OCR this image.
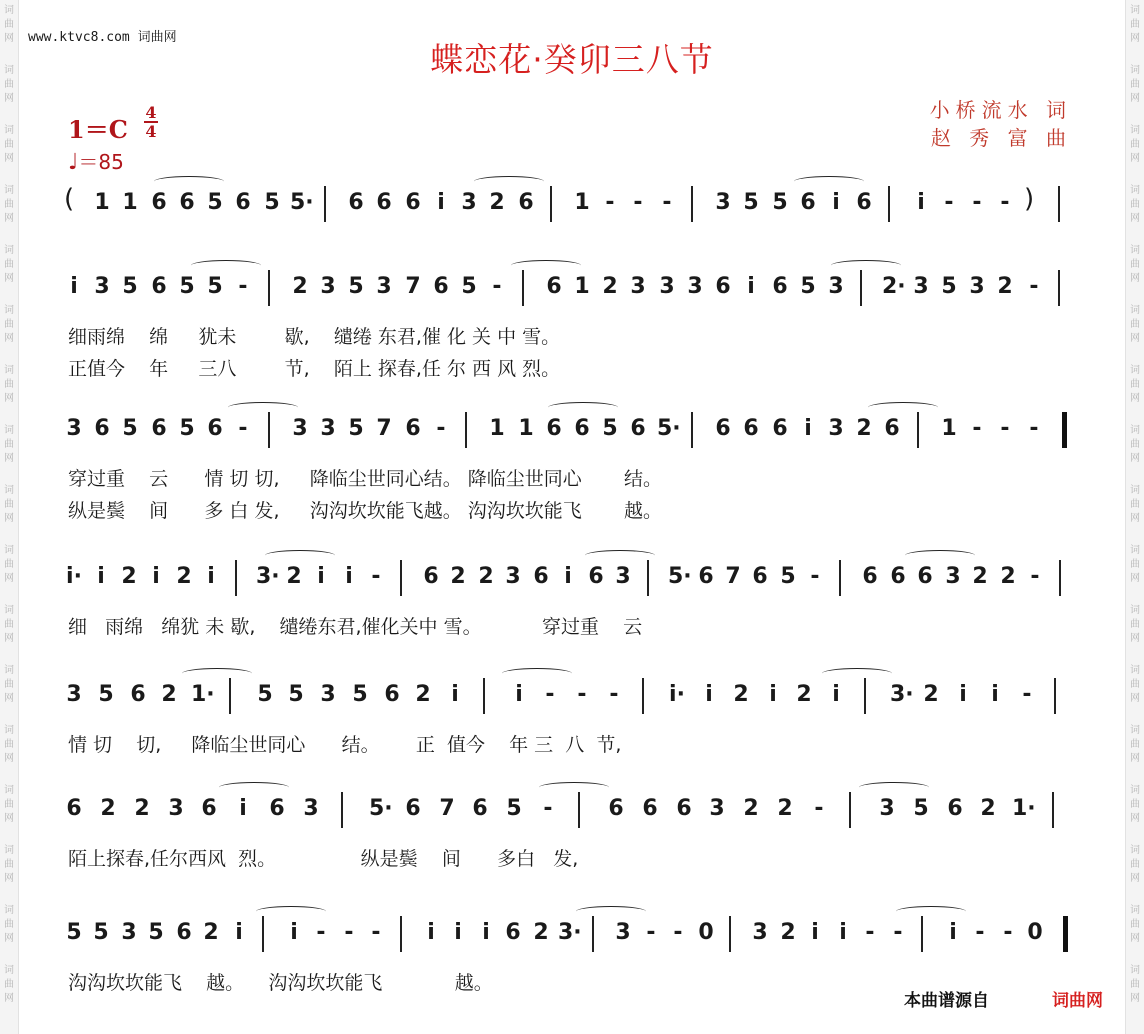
词
曲
网
词
曲
网
词
曲
网
词
曲
网
词
曲
网
词
曲
网
词
曲
网
词
曲
网
词
曲
网
词
曲
网
词
曲
网
词
曲
网
词
曲
网
词
曲
网
词
曲
网
词
曲
网
词
曲
网
词
曲
网
词
曲
网
词
曲
网
词
曲
网
词
曲
网
词
曲
网
词
曲
网
词
曲
网
词
曲
网
词
曲
网
词
曲
网
词
曲
网
词
曲
网
词
曲
网
词
曲
网
词
曲
网
词
曲
网
www.ktvc8.com 词曲网
蝶恋花·癸卯三八节
$1=C \frac{4}{4}$
♩＝85
小桥流水 词
赵 秀 富 曲
( 1 1 6 6 5 6 5 5· 6 6 6 i 3 2 6 1 - - - 3 5 5 6 i 6 i - - - )
i 3 5 6 5 5 - 2 3 5 3 7 6 5 - 6 1 2 3 3 3 6 i 6 5 3 2· 3 5 3 2 -
细雨绵    绵     犹未        歇,    缱绻 东君,催 化 关 中 雪。
正值今    年     三八        节,    陌上 探春,任 尔 西 风 烈。
3 6 5 6 5 6 - 3 3 5 7 6 - 1 1 6 6 5 6 5· 6 6 6 i 3 2 6 1 - - -
穿过重    云      情 切 切,     降临尘世同心结。 降临尘世同心       结。
纵是鬓    间      多 白 发,     沟沟坎坎能飞越。 沟沟坎坎能飞       越。
i· i 2 i 2 i 3· 2 i i - 6 2 2 3 6 i 6 3 5· 6 7 6 5 - 6 6 6 3 2 2 -
细   雨绵   绵犹 未 歇,    缱绻东君,催化关中 雪。          穿过重    云
3 5 6 2 1· 5 5 3 5 6 2 i	i - - - i· i 2 i 2 i 3· 2 i i -
情 切    切,     降临尘世同心      结。      正  值今    年 三  八  节,
6 2 2 3 6 i 6 3 5· 6 7 6 5 -	6 6 6 3 2 2 -	3 5 6 2 1·
陌上探春,任尔西风  烈。              纵是鬓    间      多白   发,
5 5 3 5 6 2 i i - - - i i i 6 2 3· 3 - - 0 3 2 i i - - i - - 0
沟沟坎坎能飞    越。    沟沟坎坎能飞            越。
本曲谱源自	词曲网
